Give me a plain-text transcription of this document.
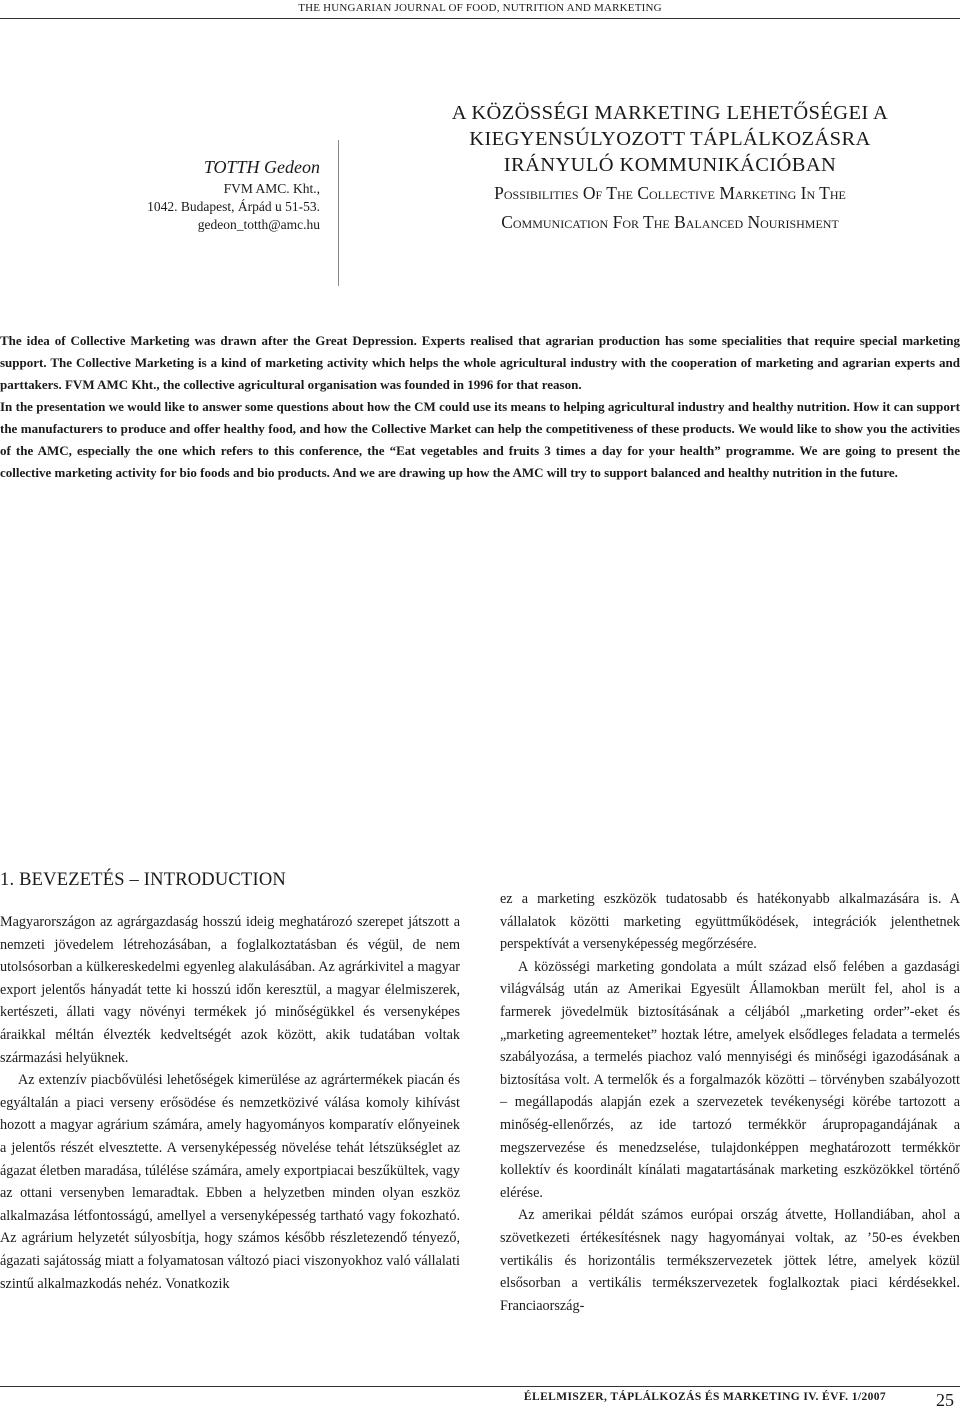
THE HUNGARIAN JOURNAL OF FOOD, NUTRITION AND MARKETING
TOTTH Gedeon
FVM AMC. Kht.,
1042. Budapest, Árpád u 51-53.
gedeon_totth@amc.hu
A KÖZÖSSÉGI MARKETING LEHETŐSÉGEI A
KIEGYENSÚLYOZOTT TÁPLÁLKOZÁSRA
IRÁNYULÓ KOMMUNIKÁCIÓBAN
Possibilities Of The Collective Marketing In The
Communication For The Balanced Nourishment

The idea of Collective Marketing was drawn after the Great Depression. Experts realised that agrarian production has some specialities that require special marketing support. The Collective Marketing is a kind of marketing activity which helps the whole agricultural industry with the cooperation of marketing and agrarian experts and parttakers. FVM AMC Kht., the collective agricultural organisation was founded in 1996 for that reason.

In the presentation we would like to answer some questions about how the CM could use its means to helping agricultural industry and healthy nutrition. How it can support the manufacturers to produce and offer healthy food, and how the Collective Market can help the competitiveness of these products. We would like to show you the activities of the AMC, especially the one which refers to this conference, the “Eat vegetables and fruits 3 times a day for your health” programme. We are going to present the collective marketing activity for bio foods and bio products. And we are drawing up how the AMC will try to support balanced and healthy nutrition in the future.

1. BEVEZETÉS – INTRODUCTION

Magyarországon az agrárgazdaság hosszú ideig meghatározó szerepet játszott a nemzeti jövedelem létrehozásában, a foglalkoztatásban és végül, de nem utolsósorban a külkereskedelmi egyenleg alakulásában. Az agrárkivitel a magyar export jelentős hányadát tette ki hosszú időn keresztül, a magyar élelmiszerek, kertészeti, állati vagy növényi termékek jó minőségükkel és versenyképes áraikkal méltán élvezték kedveltségét azok között, akik tudatában voltak származási helyüknek.

Az extenzív piacbővülési lehetőségek kimerülése az agrártermékek piacán és egyáltalán a piaci verseny erősödése és nemzetközivé válása komoly kihívást hozott a magyar agrárium számára, amely hagyományos komparatív előnyeinek a jelentős részét elvesztette. A versenyképesség növelése tehát létszükséglet az ágazat életben maradása, túlélése számára, amely exportpiacai beszűkültek, vagy az ottani versenyben lemaradtak. Ebben a helyzetben minden olyan eszköz alkalmazása létfontosságú, amellyel a versenyképesség tartható vagy fokozható. Az agrárium helyzetét súlyosbítja, hogy számos később részletezendő tényező, ágazati sajátosság miatt a folyamatosan változó piaci viszonyokhoz való vállalati szintű alkalmazkodás nehéz. Vonatkozik

ez a marketing eszközök tudatosabb és hatékonyabb alkalmazására is. A vállalatok közötti marketing együttműködések, integrációk jelenthetnek perspektívát a versenyképesség megőrzésére.

A közösségi marketing gondolata a múlt század első felében a gazdasági világválság után az Amerikai Egyesült Államokban merült fel, ahol is a farmerek jövedelmük biztosításának a céljából „marketing order”-eket és „marketing agreementeket” hoztak létre, amelyek elsődleges feladata a termelés szabályozása, a termelés piachoz való mennyiségi és minőségi igazodásának a biztosítása volt. A termelők és a forgalmazók közötti – törvényben szabályozott – megállapodás alapján ezek a szervezetek tevékenységi körébe tartozott a minőség-ellenőrzés, az ide tartozó termékkör árupropagandájának a megszervezése és menedzselése, tulajdonképpen meghatározott termékkör kollektív és koordinált kínálati magatartásának marketing eszközökkel történő elérése.

Az amerikai példát számos európai ország átvette, Hollandiában, ahol a szövetkezeti értékesítésnek nagy hagyományai voltak, az ’50-es években vertikális és horizontális termékszervezetek jöttek létre, amelyek közül elsősorban a vertikális termékszervezetek foglalkoztak piaci kérdésekkel. Franciaország-

ÉLELMISZER, TÁPLÁLKOZÁS ÉS MARKETING IV. ÉVF. 1/2007	25
